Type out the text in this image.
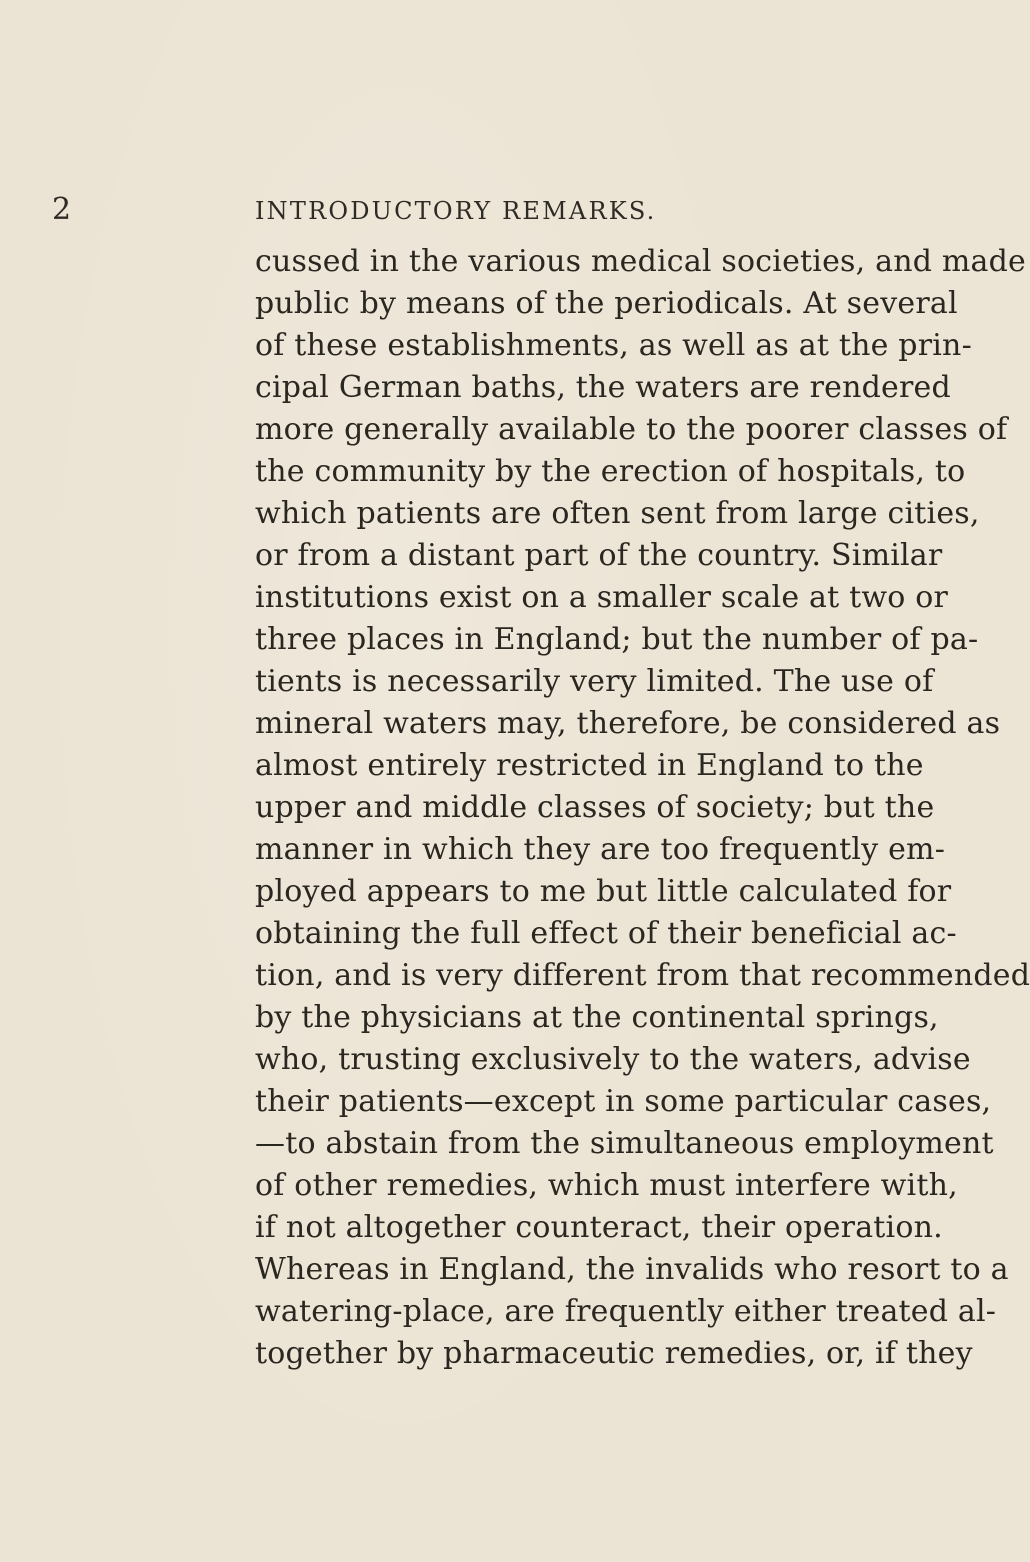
2	INTRODUCTORY REMARKS.
cussed in the various medical societies, and made
public by means of the periodicals. At several
of these establishments, as well as at the prin-
cipal German baths, the waters are rendered
more generally available to the poorer classes of
the community by the erection of hospitals, to
which patients are often sent from large cities,
or from a distant part of the country. Similar
institutions exist on a smaller scale at two or
three places in England; but the number of pa-
tients is necessarily very limited. The use of
mineral waters may, therefore, be considered as
almost entirely restricted in England to the
upper and middle classes of society; but the
manner in which they are too frequently em-
ployed appears to me but little calculated for
obtaining the full effect of their beneficial ac-
tion, and is very different from that recommended
by the physicians at the continental springs,
who, trusting exclusively to the waters, advise
their patients—except in some particular cases,
—to abstain from the simultaneous employment
of other remedies, which must interfere with,
if not altogether counteract, their operation.
Whereas in England, the invalids who resort to a
watering-place, are frequently either treated al-
together by pharmaceutic remedies, or, if they
